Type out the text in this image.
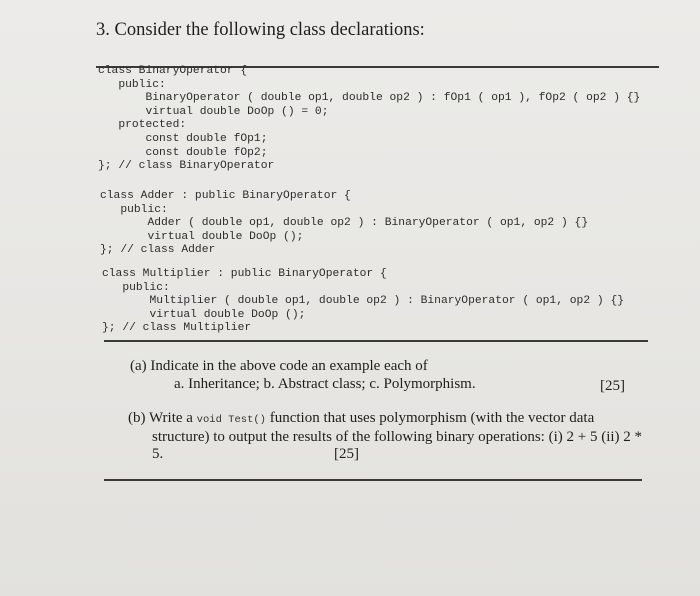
3. Consider the following class declarations:
class BinaryOperator {
public:
BinaryOperator ( double op1, double op2 ) : fOp1 ( op1 ), fOp2 ( op2 ) {}
virtual double DoOp () = 0;
protected:
const double fOp1;
const double fOp2;
}; // class BinaryOperator
class Adder : public BinaryOperator {
public:
Adder ( double op1, double op2 ) : BinaryOperator ( op1, op2 ) {}
virtual double DoOp ();
}; // class Adder
class Multiplier : public BinaryOperator {
public:
Multiplier ( double op1, double op2 ) : BinaryOperator ( op1, op2 ) {}
virtual double DoOp ();
}; // class Multiplier
(a) Indicate in the above code an example each of
a. Inheritance; b. Abstract class; c. Polymorphism.	[25]
(b) Write a void Test() function that uses polymorphism (with the vector data
structure) to output the results of the following binary operations: (i) 2 + 5 (ii) 2 *
5.	[25]
